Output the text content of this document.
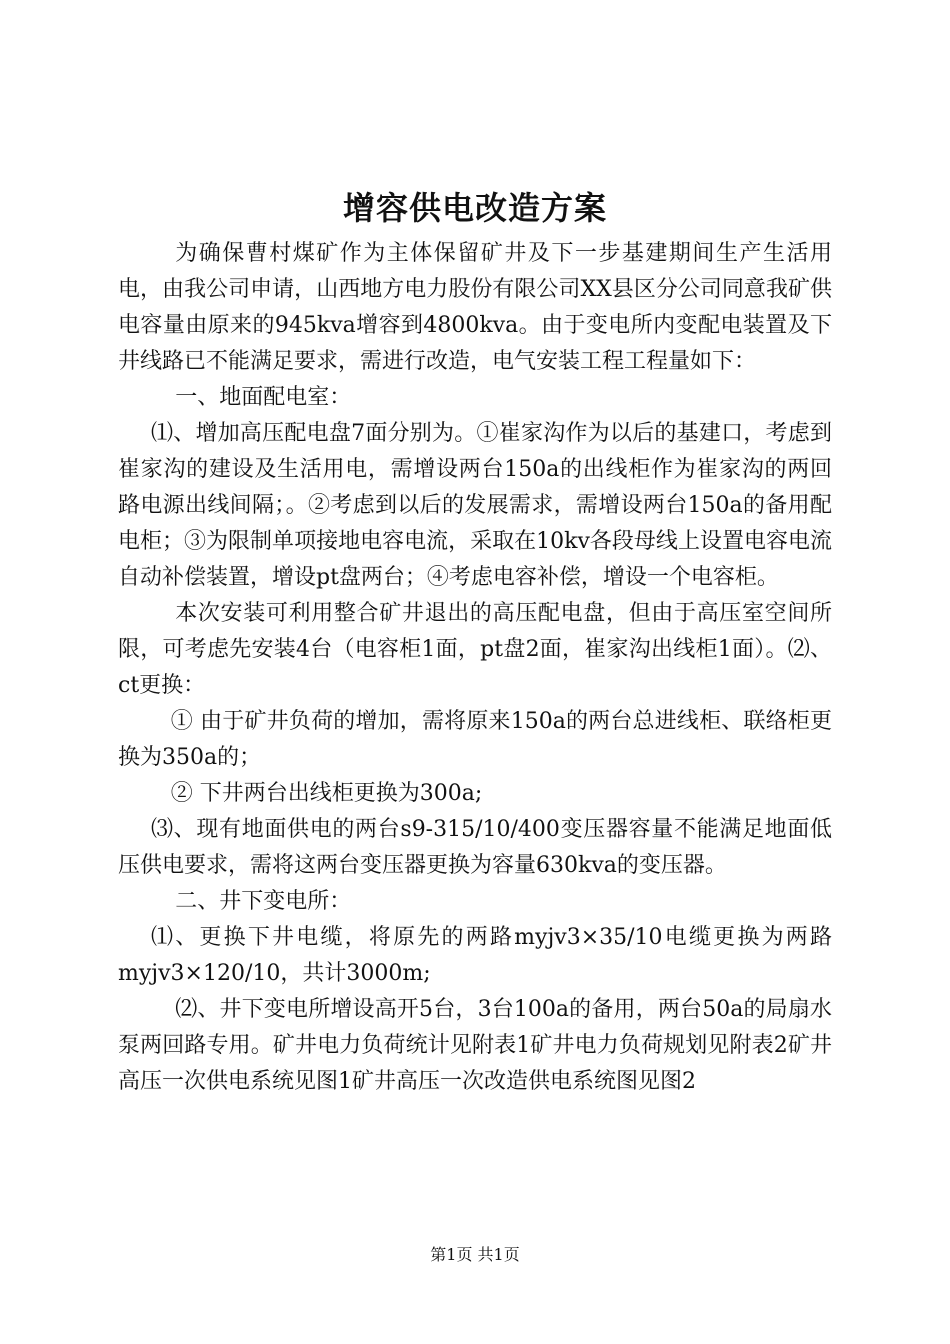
增容供电改造方案

为确保曹村煤矿作为主体保留矿井及下一步基建期间生产生活用电，由我公司申请，山西地方电力股份有限公司XX县区分公司同意我矿供电容量由原来的945kva增容到4800kva。由于变电所内变配电装置及下井线路已不能满足要求，需进行改造，电气安装工程工程量如下：

一、地面配电室：

⑴、增加高压配电盘7面分别为。①崔家沟作为以后的基建口，考虑到崔家沟的建设及生活用电，需增设两台150a的出线柜作为崔家沟的两回路电源出线间隔；。②考虑到以后的发展需求，需增设两台150a的备用配电柜；③为限制单项接地电容电流，采取在10kv各段母线上设置电容电流自动补偿装置，增设pt盘两台；④考虑电容补偿，增设一个电容柜。

本次安装可利用整合矿井退出的高压配电盘，但由于高压室空间所限，可考虑先安装4台（电容柜1面，pt盘2面，崔家沟出线柜1面）。⑵、ct更换：

① 由于矿井负荷的增加，需将原来150a的两台总进线柜、联络柜更换为350a的；

② 下井两台出线柜更换为300a;

⑶、现有地面供电的两台s9-315/10/400变压器容量不能满足地面低压供电要求，需将这两台变压器更换为容量630kva的变压器。

二、井下变电所：

⑴、更换下井电缆，将原先的两路myjv3×35/10电缆更换为两路myjv3×120/10，共计3000m;

⑵、井下变电所增设高开5台，3台100a的备用，两台50a的局扇水泵两回路专用。矿井电力负荷统计见附表1矿井电力负荷规划见附表2矿井高压一次供电系统见图1矿井高压一次改造供电系统图见图2

第1页 共1页
